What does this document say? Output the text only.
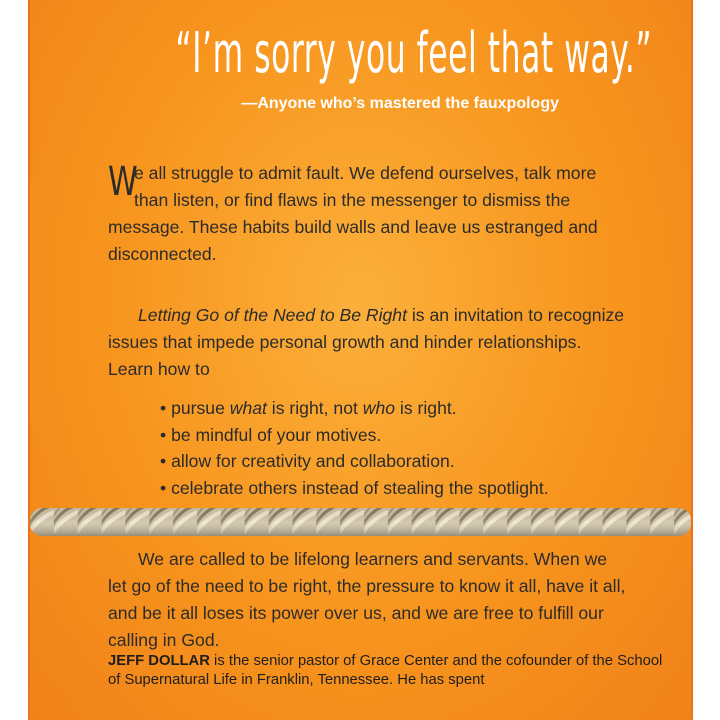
“I’m sorry you feel that way.”
—Anyone who’s mastered the fauxpology

W
e all struggle to admit fault. We defend ourselves, talk more than listen, or find flaws in the messenger to dismiss the message. These habits build walls and leave us estranged and disconnected.

Letting Go of the Need to Be Right is an invitation to recognize issues that impede personal growth and hinder relationships. Learn how to

• pursue what is right, not who is right.
• be mindful of your motives.
• allow for creativity and collaboration.
• celebrate others instead of stealing the spotlight.

We are called to be lifelong learners and servants. When we let go of the need to be right, the pressure to know it all, have it all, and be it all loses its power over us, and we are free to fulfill our calling in God.

JEFF DOLLAR is the senior pastor of Grace Center and the cofounder of the School of Supernatural Life in Franklin, Tennessee. He has spent
